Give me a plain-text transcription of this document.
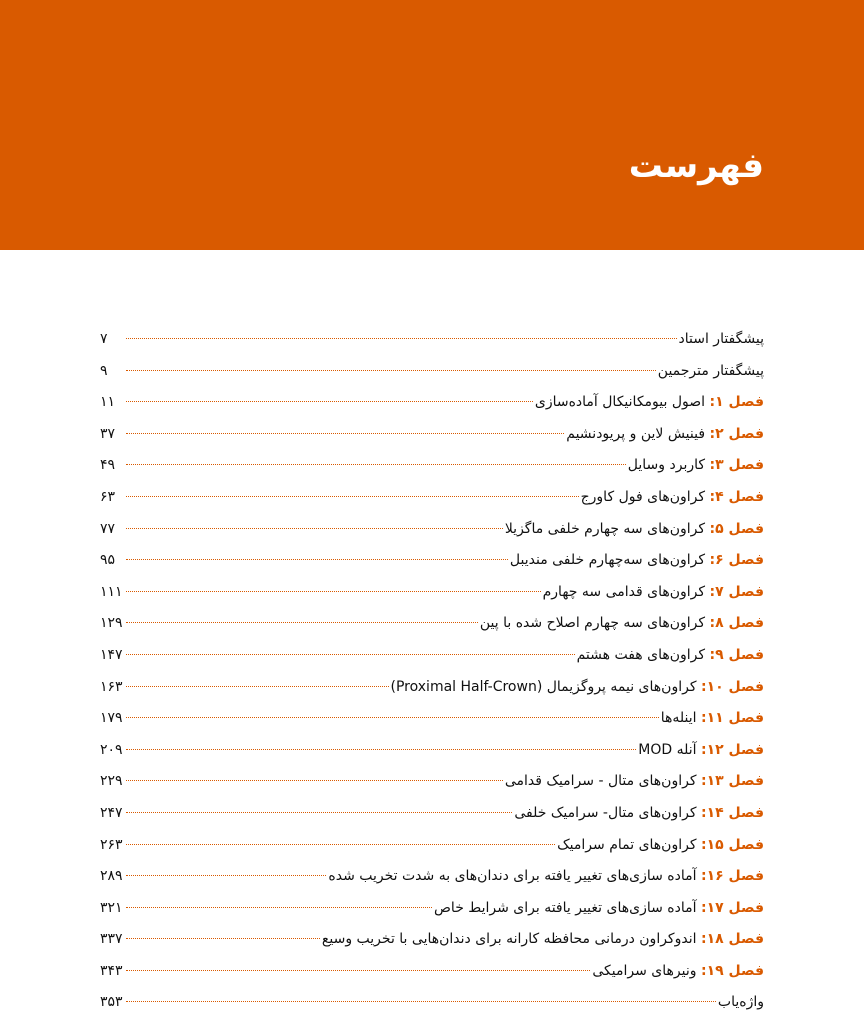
فهرست
پیشگفتار استاد
۷
پیشگفتار مترجمین
۹
فصل ۱: اصول بیومکانیکال آماده‌سازی
۱۱
فصل ۲: فینیش لاین و پریودنشیم
۳۷
فصل ۳: کاربرد وسایل
۴۹
فصل ۴: کراون‌های فول کاورج
۶۳
فصل ۵: کراون‌های سه چهارم خلفی ماگزیلا
۷۷
فصل ۶: کراون‌های سه‌چهارم خلفی مندیبل
۹۵
فصل ۷: کراون‌های قدامی سه چهارم
۱۱۱
فصل ۸: کراون‌های سه چهارم اصلاح شده با پین
۱۲۹
فصل ۹: کراون‌های هفت هشتم
۱۴۷
فصل ۱۰: کراون‌های نیمه پروگزیمال (Proximal Half-Crown)
۱۶۳
فصل ۱۱: اینله‌ها
۱۷۹
فصل ۱۲: آنله MOD
۲۰۹
فصل ۱۳: کراون‌های متال - سرامیک قدامی
۲۲۹
فصل ۱۴: کراون‌های متال- سرامیک خلفی
۲۴۷
فصل ۱۵: کراون‌های تمام سرامیک
۲۶۳
فصل ۱۶: آماده سازی‌های تغییر یافته برای دندان‌های به شدت تخریب شده
۲۸۹
فصل ۱۷: آماده سازی‌های تغییر یافته برای شرایط خاص
۳۲۱
فصل ۱۸: اندوکراون درمانی محافظه کارانه برای دندان‌هایی با تخریب وسیع
۳۳۷
فصل ۱۹: ونیرهای سرامیکی
۳۴۳
واژه‌یاب
۳۵۳
